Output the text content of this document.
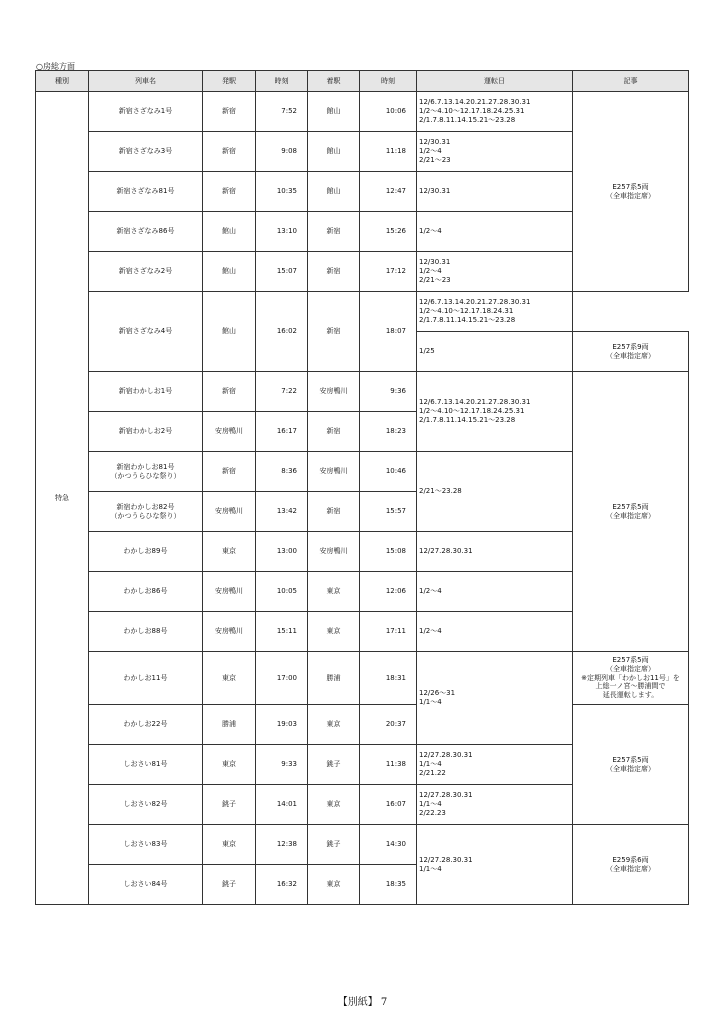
○房総方面
種別	列車名	発駅	時刻	着駅	時刻	運転日	記事
特急	新宿さざなみ1号	新宿	7:52	館山	10:06	12/6.7.13.14.20.21.27.28.30.31
1/2～4.10～12.17.18.24.25.31
2/1.7.8.11.14.15.21～23.28	E257系5両
（全車指定席）
	新宿さざなみ3号	新宿	9:08	館山	11:18	12/30.31
1/2～4
2/21～23	
	新宿さざなみ81号	新宿	10:35	館山	12:47	12/30.31	
	新宿さざなみ86号	館山	13:10	新宿	15:26	1/2～4	
	新宿さざなみ2号	館山	15:07	新宿	17:12	12/30.31
1/2～4
2/21～23	
	新宿さざなみ4号	館山	16:02	新宿	18:07	12/6.7.13.14.20.21.27.28.30.31
1/2～4.10～12.17.18.24.31
2/1.7.8.11.14.15.21～23.28	
						1/25	E257系9両
（全車指定席）
	新宿わかしお1号	新宿	7:22	安房鴨川	9:36	12/6.7.13.14.20.21.27.28.30.31
1/2～4.10～12.17.18.24.25.31
2/1.7.8.11.14.15.21～23.28	E257系5両
（全車指定席）
	新宿わかしお2号	安房鴨川	16:17	新宿	18:23		
	新宿わかしお81号
（かつうらひな祭り）	新宿	8:36	安房鴨川	10:46	2/21～23.28	
	新宿わかしお82号
（かつうらひな祭り）	安房鴨川	13:42	新宿	15:57		
	わかしお89号	東京	13:00	安房鴨川	15:08	12/27.28.30.31	
	わかしお86号	安房鴨川	10:05	東京	12:06	1/2～4	
	わかしお88号	安房鴨川	15:11	東京	17:11	1/2～4	
	わかしお11号	東京	17:00	勝浦	18:31	12/26～31
1/1～4	E257系5両
（全車指定席）
※定期列車「わかしお11号」を
上総一ノ宮～勝浦間で
延長運転します。
	わかしお22号	勝浦	19:03	東京	20:37		E257系5両
（全車指定席）
	しおさい81号	東京	9:33	銚子	11:38	12/27.28.30.31
1/1～4
2/21.22	
	しおさい82号	銚子	14:01	東京	16:07	12/27.28.30.31
1/1～4
2/22.23	
	しおさい83号	東京	12:38	銚子	14:30	12/27.28.30.31
1/1～4	E259系6両
（全車指定席）
	しおさい84号	銚子	16:32	東京	18:35		
【別紙】 7
